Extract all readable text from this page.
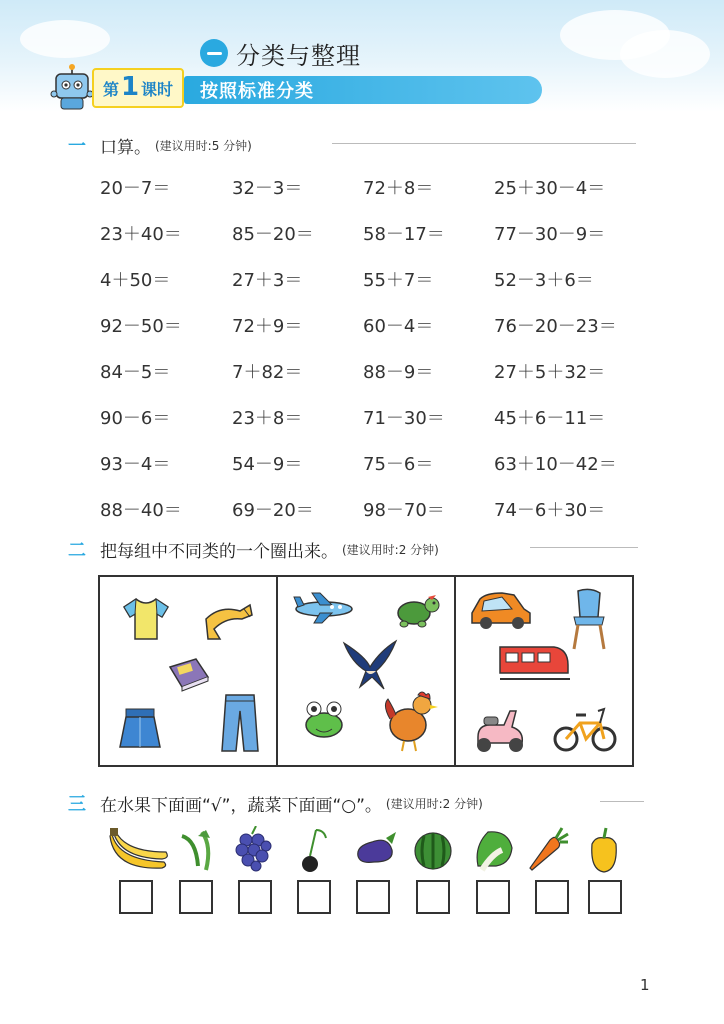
分类与整理
第 1 课时 按照标准分类
一 口算。 (建议用时:5 分钟)
20－7＝	32－3＝	72＋8＝	25＋30－4＝
23＋40＝	85－20＝	58－17＝	77－30－9＝
4＋50＝	27＋3＝	55＋7＝	52－3＋6＝
92－50＝	72＋9＝	60－4＝	76－20－23＝
84－5＝	7＋82＝	88－9＝	27＋5＋32＝
90－6＝	23＋8＝	71－30＝	45＋6－11＝
93－4＝	54－9＝	75－6＝	63＋10－42＝
88－40＝	69－20＝	98－70＝	74－6＋30＝
二 把每组中不同类的一个圈出来。 (建议用时:2 分钟)
三 在水果下面画“√”，蔬菜下面画“○”。 (建议用时:2 分钟)
1
